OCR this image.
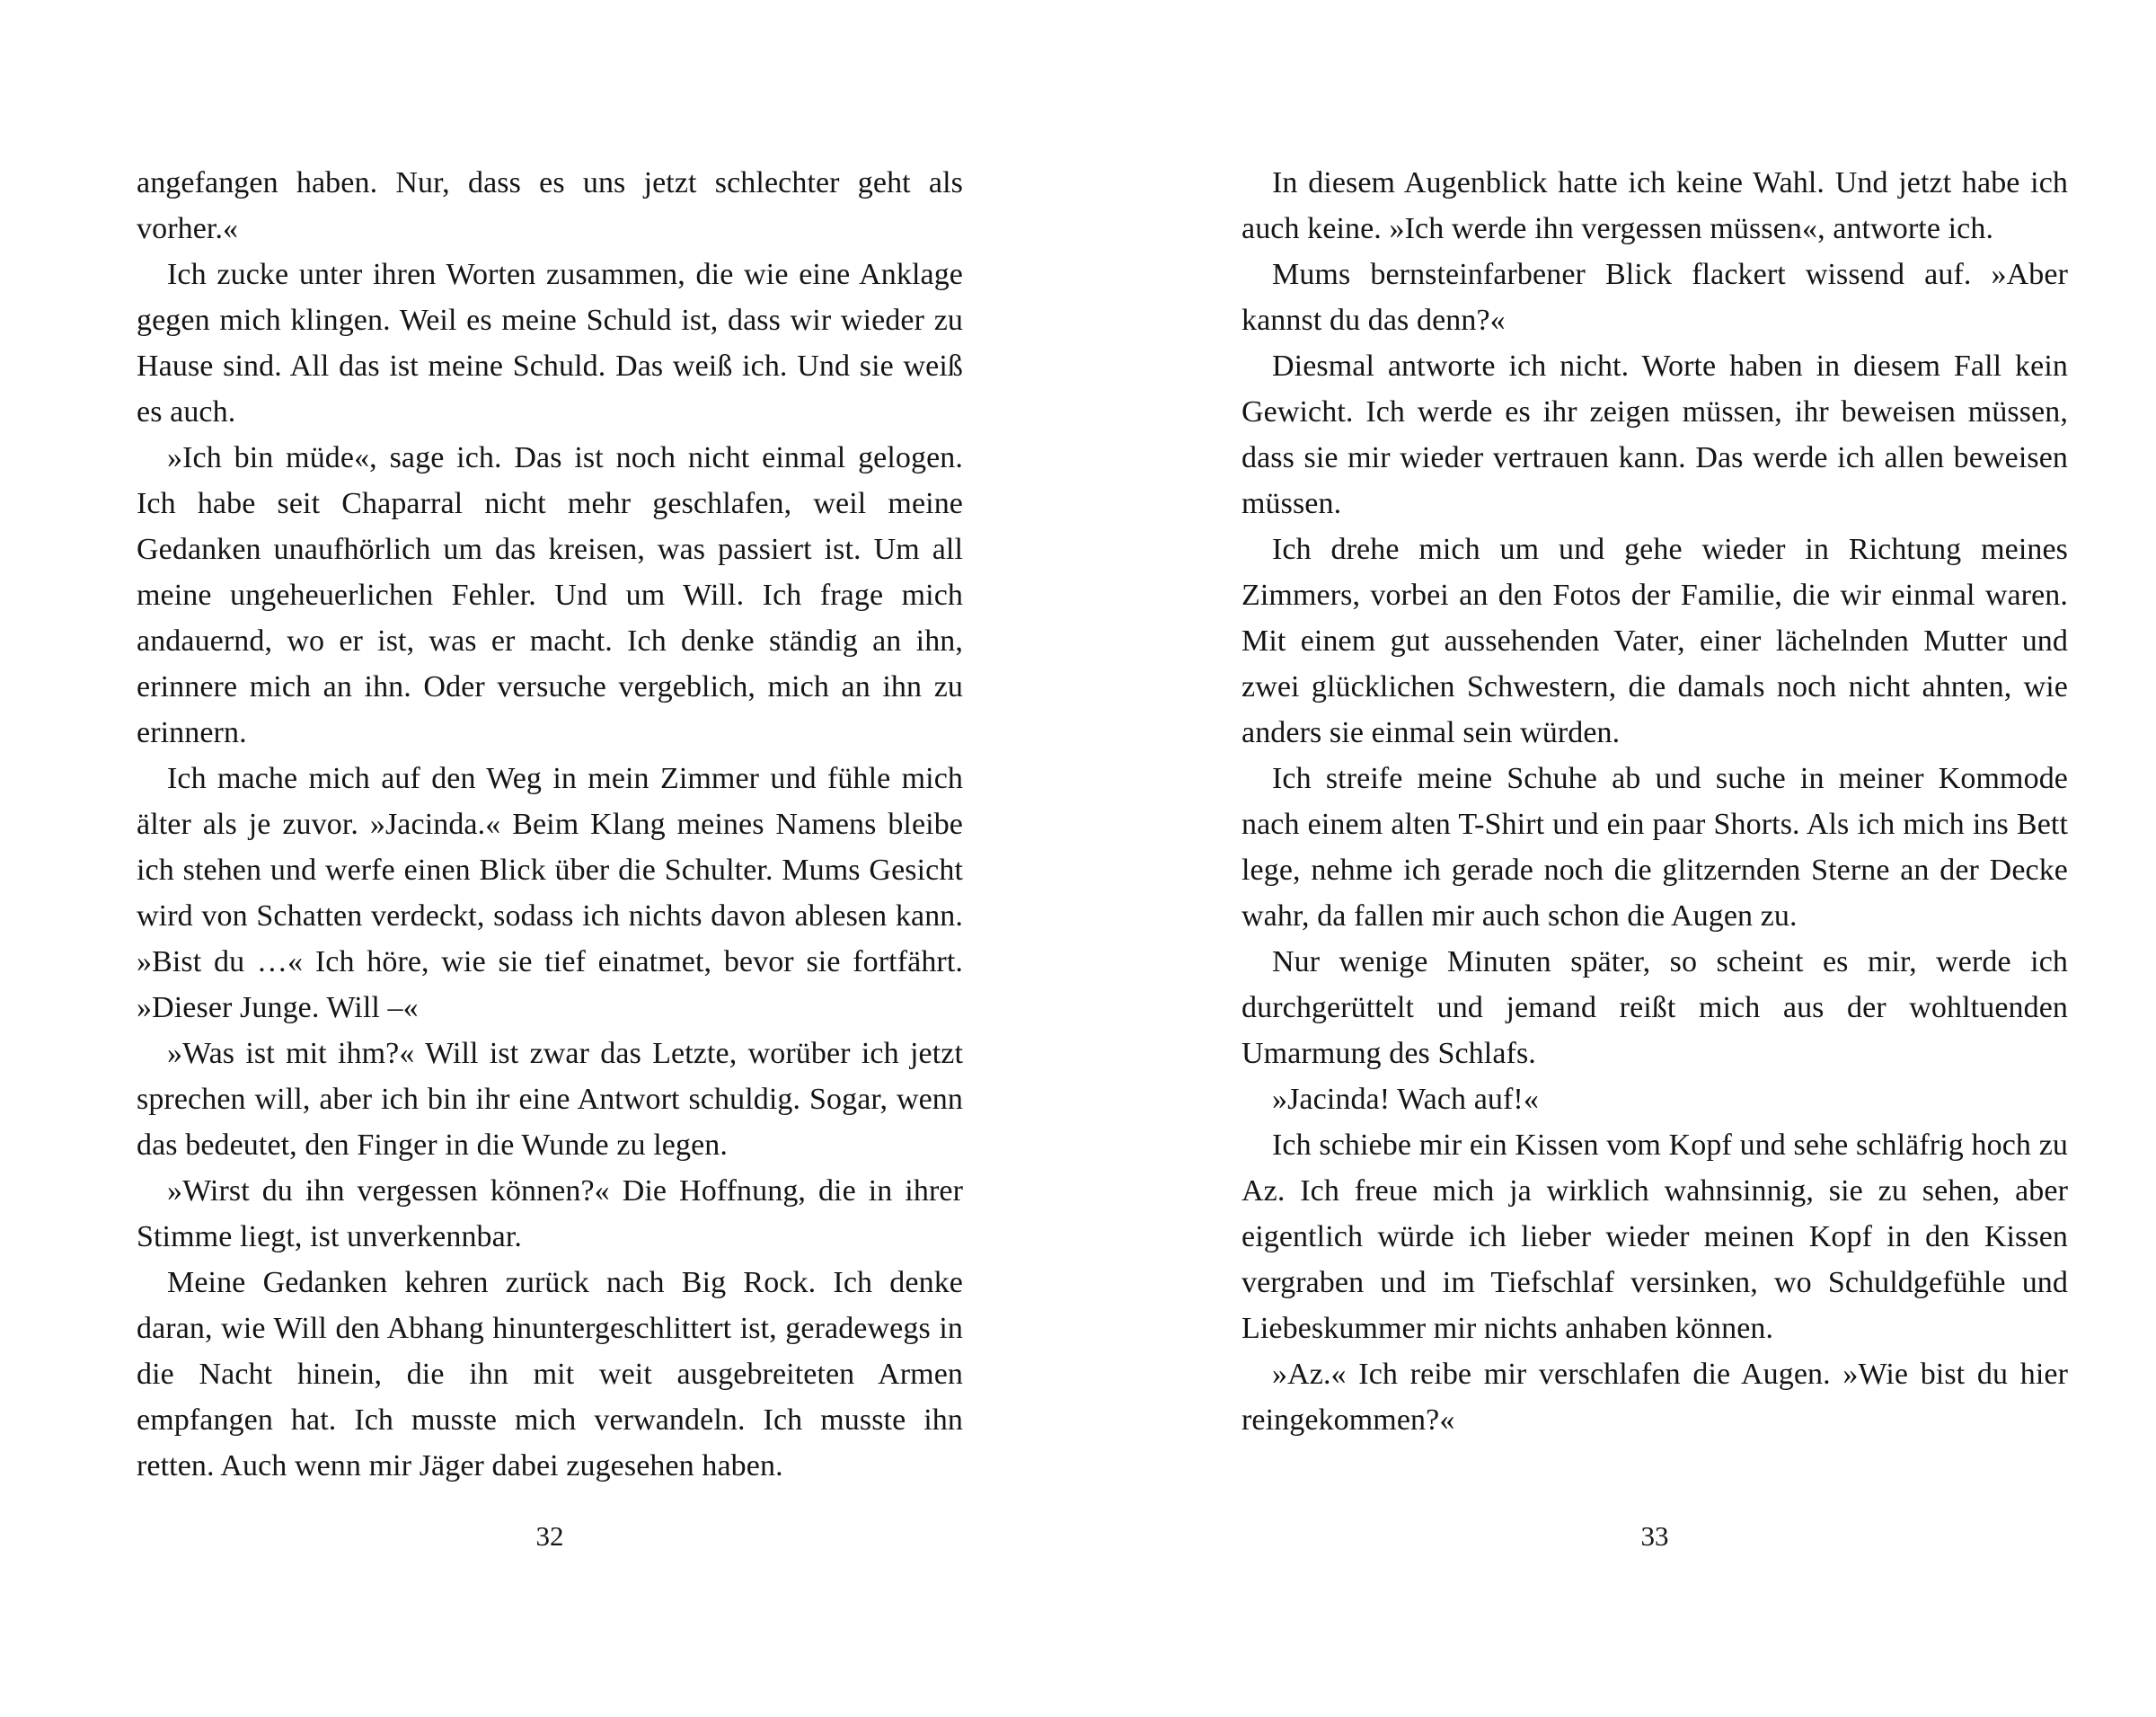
angefangen haben. Nur, dass es uns jetzt schlechter geht als vorher.«

Ich zucke unter ihren Worten zusammen, die wie eine Anklage gegen mich klingen. Weil es meine Schuld ist, dass wir wieder zu Hause sind. All das ist meine Schuld. Das weiß ich. Und sie weiß es auch.

»Ich bin müde«, sage ich. Das ist noch nicht einmal gelogen. Ich habe seit Chaparral nicht mehr geschlafen, weil meine Gedanken unaufhörlich um das kreisen, was passiert ist. Um all meine ungeheuerlichen Fehler. Und um Will. Ich frage mich andauernd, wo er ist, was er macht. Ich denke ständig an ihn, erinnere mich an ihn. Oder versuche vergeblich, mich an ihn zu erinnern.

Ich mache mich auf den Weg in mein Zimmer und fühle mich älter als je zuvor. »Jacinda.« Beim Klang meines Namens bleibe ich stehen und werfe einen Blick über die Schulter. Mums Gesicht wird von Schatten verdeckt, sodass ich nichts davon ablesen kann. »Bist du …« Ich höre, wie sie tief einatmet, bevor sie fortfährt. »Dieser Junge. Will –«

»Was ist mit ihm?« Will ist zwar das Letzte, worüber ich jetzt sprechen will, aber ich bin ihr eine Antwort schuldig. Sogar, wenn das bedeutet, den Finger in die Wunde zu legen.

»Wirst du ihn vergessen können?« Die Hoffnung, die in ihrer Stimme liegt, ist unverkennbar.

Meine Gedanken kehren zurück nach Big Rock. Ich denke daran, wie Will den Abhang hinuntergeschlittert ist, geradewegs in die Nacht hinein, die ihn mit weit ausgebreiteten Armen empfangen hat. Ich musste mich verwandeln. Ich musste ihn retten. Auch wenn mir Jäger dabei zugesehen haben.

32

In diesem Augenblick hatte ich keine Wahl. Und jetzt habe ich auch keine. »Ich werde ihn vergessen müssen«, antworte ich.

Mums bernsteinfarbener Blick flackert wissend auf. »Aber kannst du das denn?«

Diesmal antworte ich nicht. Worte haben in diesem Fall kein Gewicht. Ich werde es ihr zeigen müssen, ihr beweisen müssen, dass sie mir wieder vertrauen kann. Das werde ich allen beweisen müssen.

Ich drehe mich um und gehe wieder in Richtung meines Zimmers, vorbei an den Fotos der Familie, die wir einmal waren. Mit einem gut aussehenden Vater, einer lächelnden Mutter und zwei glücklichen Schwestern, die damals noch nicht ahnten, wie anders sie einmal sein würden.

Ich streife meine Schuhe ab und suche in meiner Kommode nach einem alten T-Shirt und ein paar Shorts. Als ich mich ins Bett lege, nehme ich gerade noch die glitzernden Sterne an der Decke wahr, da fallen mir auch schon die Augen zu.

Nur wenige Minuten später, so scheint es mir, werde ich durchgerüttelt und jemand reißt mich aus der wohltuenden Umarmung des Schlafs.

»Jacinda! Wach auf!«

Ich schiebe mir ein Kissen vom Kopf und sehe schläfrig hoch zu Az. Ich freue mich ja wirklich wahnsinnig, sie zu sehen, aber eigentlich würde ich lieber wieder meinen Kopf in den Kissen vergraben und im Tiefschlaf versinken, wo Schuldgefühle und Liebeskummer mir nichts anhaben können.

»Az.« Ich reibe mir verschlafen die Augen. »Wie bist du hier reingekommen?«

33
